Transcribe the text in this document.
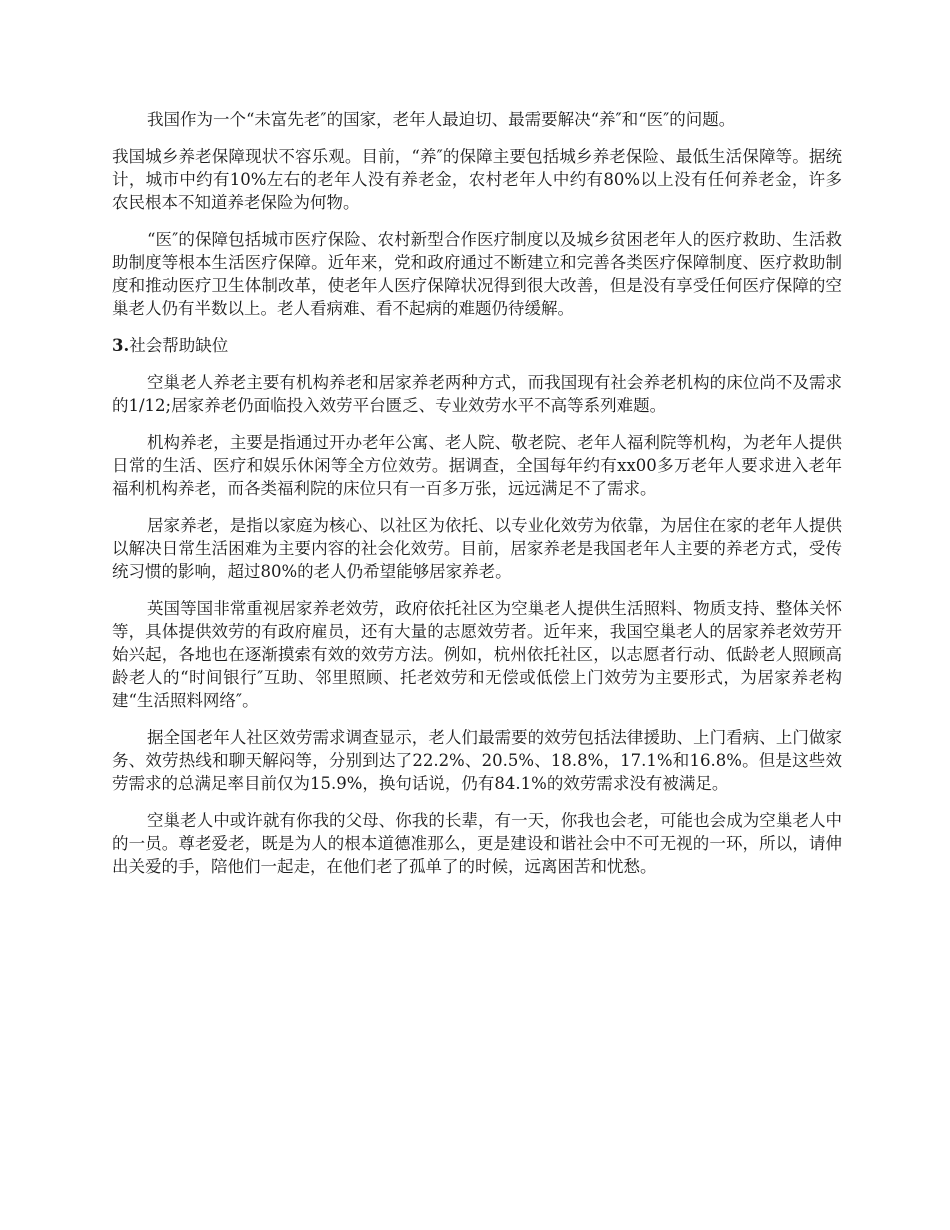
我国作为一个“未富先老″的国家，老年人最迫切、最需要解决“养″和“医″的问题。

我国城乡养老保障现状不容乐观。目前，“养″的保障主要包括城乡养老保险、最低生活保障等。据统计，城市中约有10%左右的老年人没有养老金，农村老年人中约有80%以上没有任何养老金，许多农民根本不知道养老保险为何物。

“医″的保障包括城市医疗保险、农村新型合作医疗制度以及城乡贫困老年人的医疗救助、生活救助制度等根本生活医疗保障。近年来，党和政府通过不断建立和完善各类医疗保障制度、医疗救助制度和推动医疗卫生体制改革，使老年人医疗保障状况得到很大改善，但是没有享受任何医疗保障的空巢老人仍有半数以上。老人看病难、看不起病的难题仍待缓解。

3.社会帮助缺位

空巢老人养老主要有机构养老和居家养老两种方式，而我国现有社会养老机构的床位尚不及需求的1/12;居家养老仍面临投入效劳平台匮乏、专业效劳水平不高等系列难题。

机构养老，主要是指通过开办老年公寓、老人院、敬老院、老年人福利院等机构，为老年人提供日常的生活、医疗和娱乐休闲等全方位效劳。据调查，全国每年约有xx00多万老年人要求进入老年福利机构养老，而各类福利院的床位只有一百多万张，远远满足不了需求。

居家养老，是指以家庭为核心、以社区为依托、以专业化效劳为依靠，为居住在家的老年人提供以解决日常生活困难为主要内容的社会化效劳。目前，居家养老是我国老年人主要的养老方式，受传统习惯的影响，超过80%的老人仍希望能够居家养老。

英国等国非常重视居家养老效劳，政府依托社区为空巢老人提供生活照料、物质支持、整体关怀等，具体提供效劳的有政府雇员，还有大量的志愿效劳者。近年来，我国空巢老人的居家养老效劳开始兴起，各地也在逐渐摸索有效的效劳方法。例如，杭州依托社区，以志愿者行动、低龄老人照顾高龄老人的“时间银行″互助、邻里照顾、托老效劳和无偿或低偿上门效劳为主要形式，为居家养老构建“生活照料网络″。

据全国老年人社区效劳需求调查显示，老人们最需要的效劳包括法律援助、上门看病、上门做家务、效劳热线和聊天解闷等，分别到达了22.2%、20.5%、18.8%，17.1%和16.8%。但是这些效劳需求的总满足率目前仅为15.9%，换句话说，仍有84.1%的效劳需求没有被满足。

空巢老人中或许就有你我的父母、你我的长辈，有一天，你我也会老，可能也会成为空巢老人中的一员。尊老爱老，既是为人的根本道德准那么，更是建设和谐社会中不可无视的一环，所以，请伸出关爱的手，陪他们一起走，在他们老了孤单了的时候，远离困苦和忧愁。
